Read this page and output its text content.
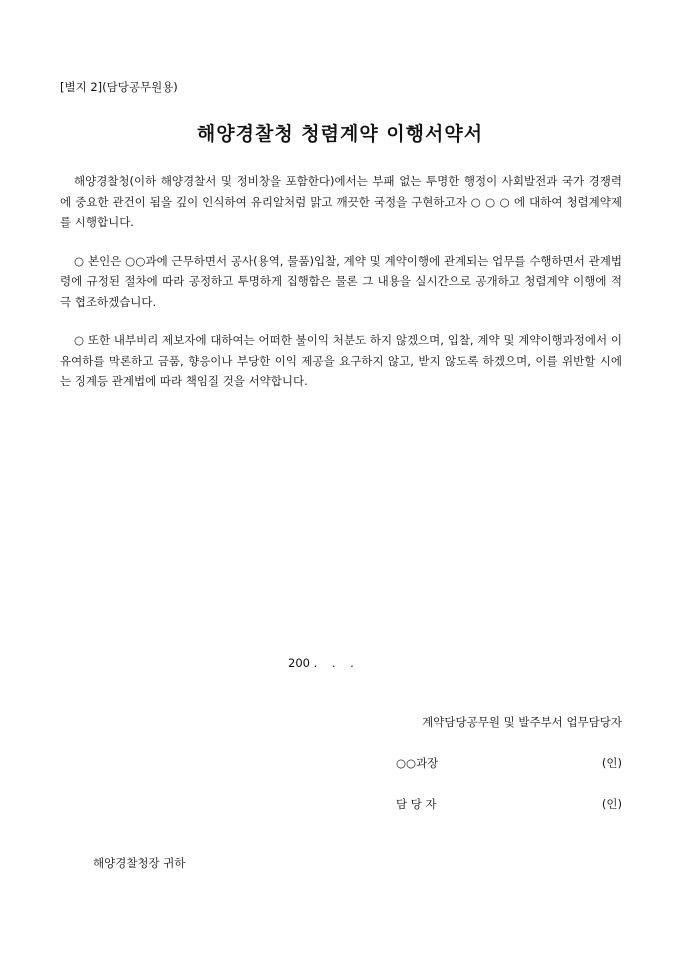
[별지 2](담당공무원용)
해양경찰청 청렴계약 이행서약서

해양경찰청(이하 해양경찰서 및 정비창을 포함한다)에서는 부패 없는 투명한 행정이 사회발전과 국가 경쟁력에 중요한 관건이 됨을 깊이 인식하여 유리알처럼 맑고 깨끗한 국정을 구현하고자 ○ ○ ○ 에 대하여 청렴계약제를 시행합니다.

○ 본인은 ○○과에 근무하면서 공사(용역, 물품)입찰, 계약 및 계약이행에 관계되는 업무를 수행하면서 관계법령에 규정된 절차에 따라 공정하고 투명하게 집행함은 물론 그 내용을 실시간으로 공개하고 청렴계약 이행에 적극 협조하겠습니다.

○ 또한 내부비리 제보자에 대하여는 어떠한 불이익 처분도 하지 않겠으며, 입찰, 계약 및 계약이행과정에서 이유여하를 막론하고 금품, 향응이나 부당한 이익 제공을 요구하지 않고, 받지 않도록 하겠으며, 이를 위반할 시에는 징계등 관계법에 따라 책임질 것을 서약합니다.

200 .    .    .
계약담당공무원 및 발주부서 업무담당자
○○과장	(인)
담 당 자	(인)
해양경찰청장 귀하
